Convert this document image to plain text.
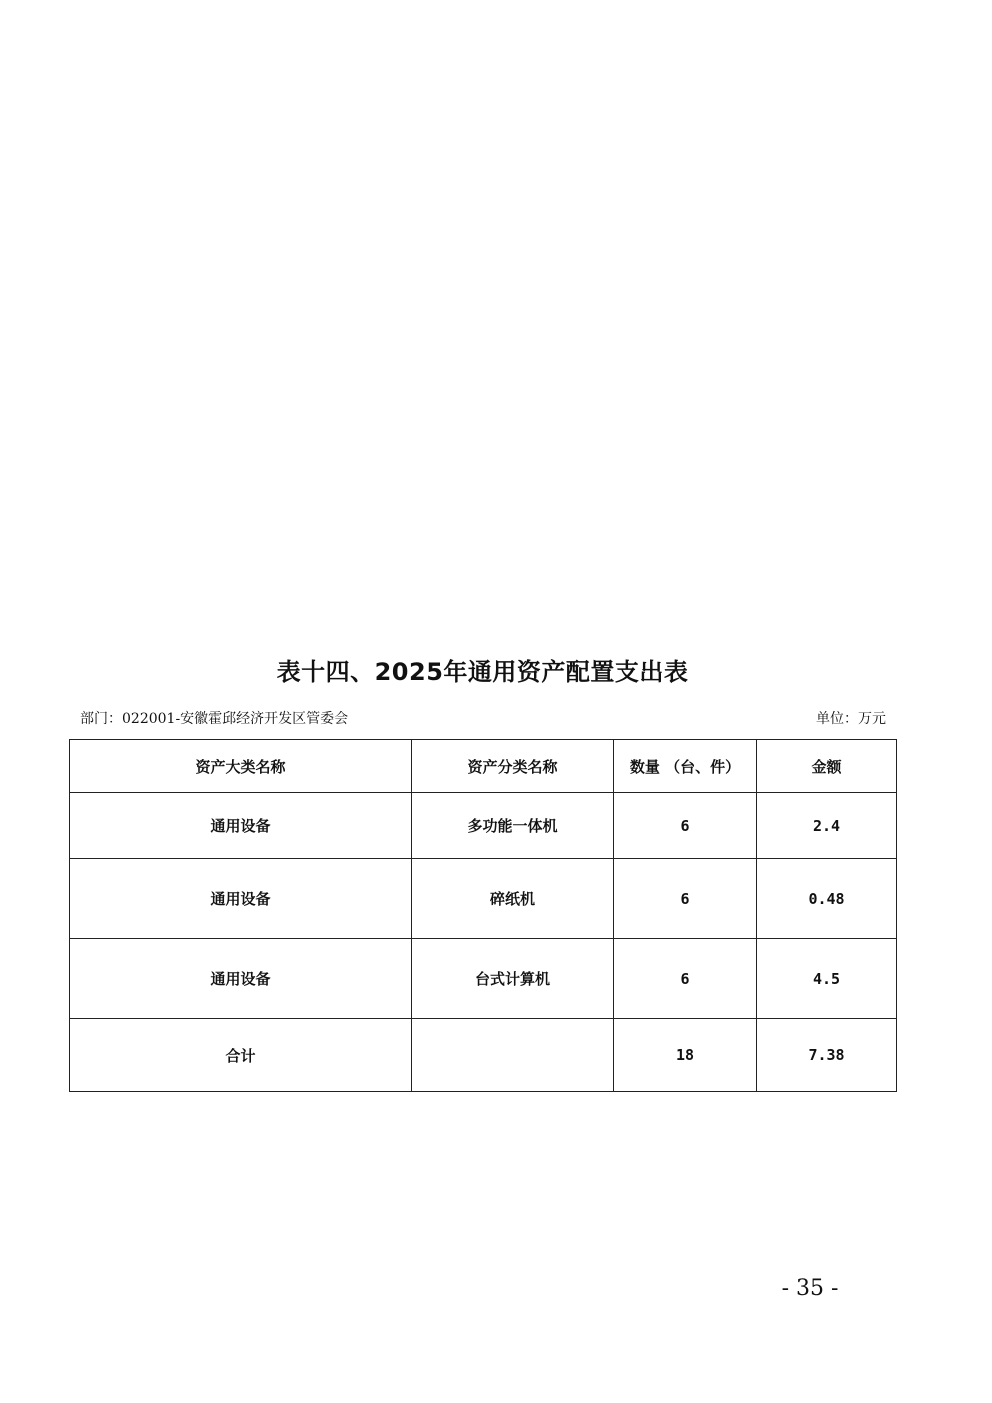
表十四、2025年通用资产配置支出表
部门：022001-安徽霍邱经济开发区管委会	单位：万元
资产大类名称	资产分类名称	数量 （台、件）	金额
通用设备	多功能一体机	6	2.4
通用设备	碎纸机	6	0.48
通用设备	台式计算机	6	4.5
合计		18	7.38
- 35 -
